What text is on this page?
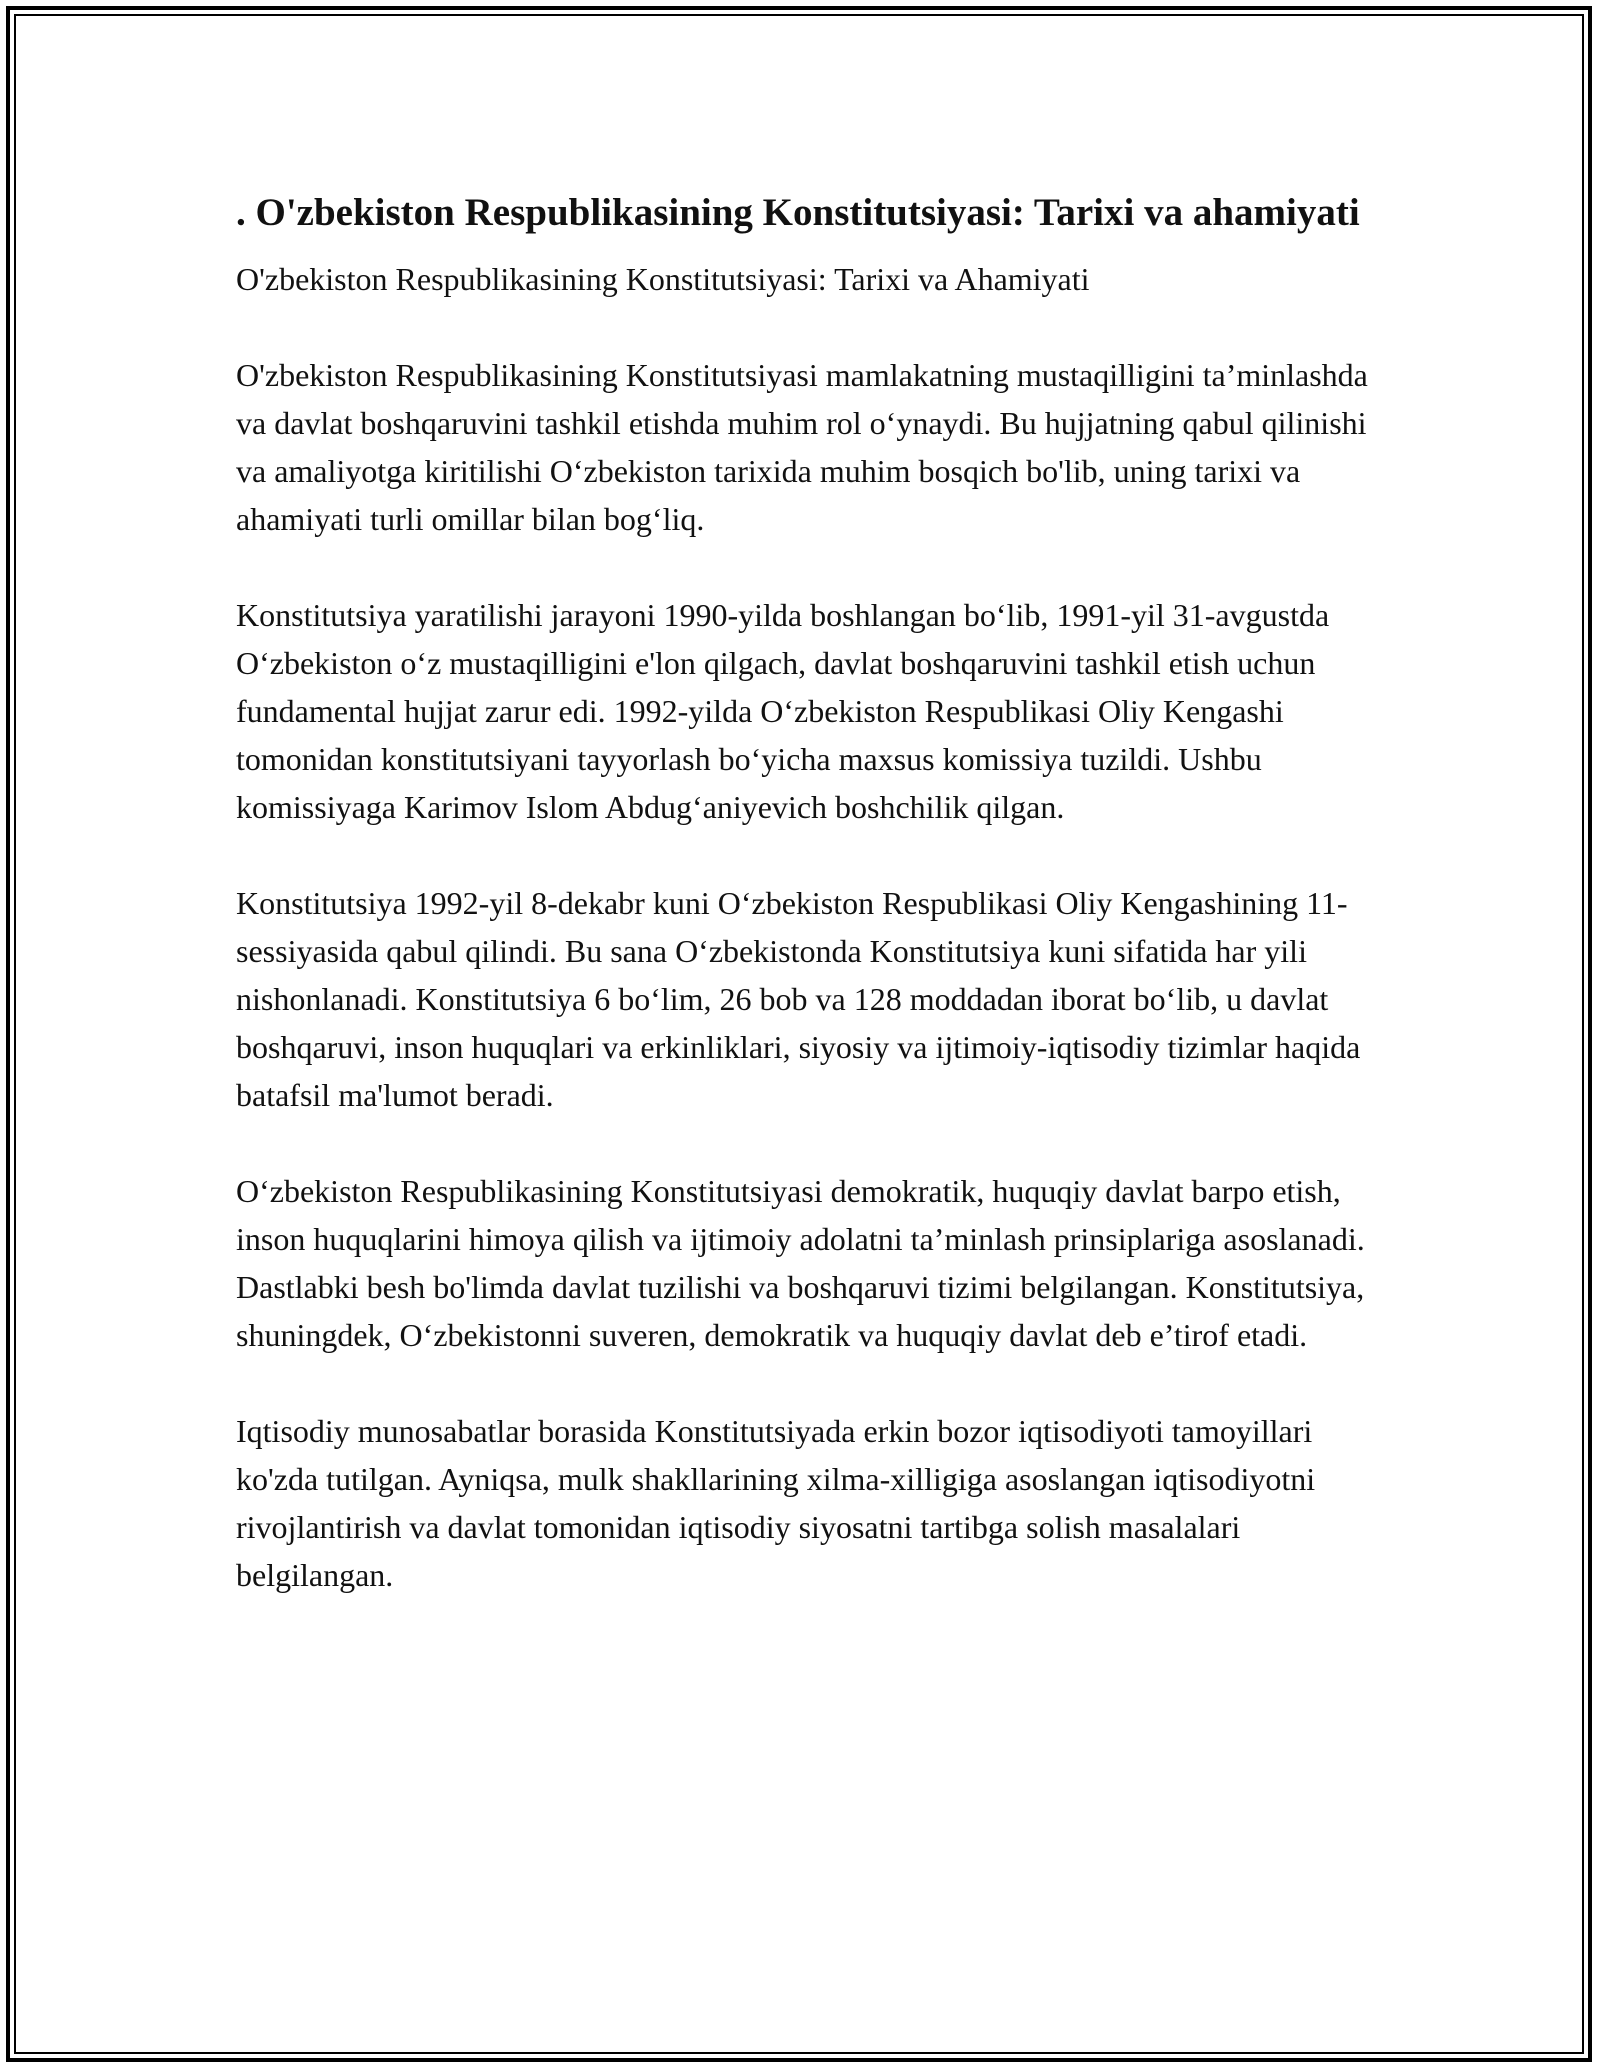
. O'zbekiston Respublikasining Konstitutsiyasi: Tarixi va ahamiyati

O'zbekiston Respublikasining Konstitutsiyasi: Tarixi va Ahamiyati

O'zbekiston Respublikasining Konstitutsiyasi mamlakatning mustaqilligini ta’minlashda va davlat boshqaruvini tashkil etishda muhim rol o‘ynaydi. Bu hujjatning qabul qilinishi va amaliyotga kiritilishi O‘zbekiston tarixida muhim bosqich bo'lib, uning tarixi va ahamiyati turli omillar bilan bog‘liq.

Konstitutsiya yaratilishi jarayoni 1990-yilda boshlangan bo‘lib, 1991-yil 31-avgustda O‘zbekiston o‘z mustaqilligini e'lon qilgach, davlat boshqaruvini tashkil etish uchun fundamental hujjat zarur edi. 1992-yilda O‘zbekiston Respublikasi Oliy Kengashi tomonidan konstitutsiyani tayyorlash bo‘yicha maxsus komissiya tuzildi. Ushbu komissiyaga Karimov Islom Abdug‘aniyevich boshchilik qilgan.

Konstitutsiya 1992-yil 8-dekabr kuni O‘zbekiston Respublikasi Oliy Kengashining 11-sessiyasida qabul qilindi. Bu sana O‘zbekistonda Konstitutsiya kuni sifatida har yili nishonlanadi. Konstitutsiya 6 bo‘lim, 26 bob va 128 moddadan iborat bo‘lib, u davlat boshqaruvi, inson huquqlari va erkinliklari, siyosiy va ijtimoiy-iqtisodiy tizimlar haqida batafsil ma'lumot beradi.

O‘zbekiston Respublikasining Konstitutsiyasi demokratik, huquqiy davlat barpo etish, inson huquqlarini himoya qilish va ijtimoiy adolatni ta’minlash prinsiplariga asoslanadi. Dastlabki besh bo'limda davlat tuzilishi va boshqaruvi tizimi belgilangan. Konstitutsiya, shuningdek, O‘zbekistonni suveren, demokratik va huquqiy davlat deb e’tirof etadi.

Iqtisodiy munosabatlar borasida Konstitutsiyada erkin bozor iqtisodiyoti tamoyillari ko'zda tutilgan. Ayniqsa, mulk shakllarining xilma-xilligiga asoslangan iqtisodiyotni rivojlantirish va davlat tomonidan iqtisodiy siyosatni tartibga solish masalalari belgilangan.
